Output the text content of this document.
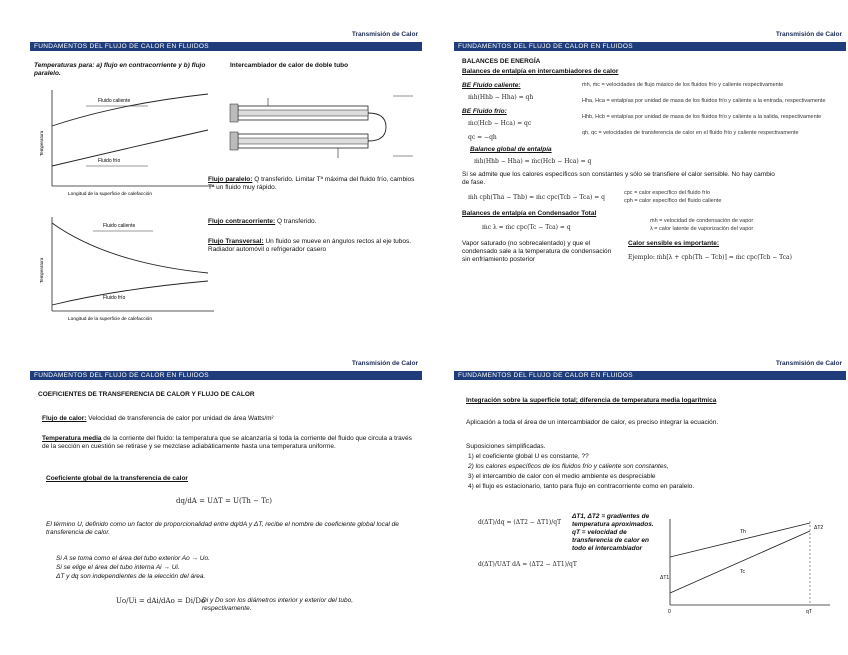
Transmisión de Calor
FUNDAMENTOS DEL FLUJO DE CALOR EN FLUIDOS
Temperaturas para: a) flujo en contracorriente y b) flujo paralelo.
Intercambiador de calor de doble tubo
Fluido caliente
Fluido frío
Longitud de la superficie de calefacción
Temperatura
Fluido caliente
Fluido frío
Longitud de la superficie de calefacción
Temperatura
Flujo paralelo: Q transferido. Limitar Tª máxima del fluido frío, cambios Tª un fluido muy rápido.
Flujo contracorriente: Q transferido.
Flujo Transversal: Un fluido se mueve en ángulos rectos al eje tubos. Radiador automóvil o refrigerador casero
Transmisión de Calor
FUNDAMENTOS DEL FLUJO DE CALOR EN FLUIDOS
BALANCES DE ENERGÍA
Balances de entalpía en intercambiadores de calor
BE Fluido caliente:
ṁh(Hhb − Hha) = qh
BE Fluido frío:
ṁc(Hcb − Hca) = qc
qc = −qh
ṁh, ṁc = velocidades de flujo másico de los fluidos frío y caliente respectivamente
Hha, Hca = entalpías por unidad de masa de los fluidos frío y caliente a la entrada, respectivamente
Hhb, Hcb = entalpías por unidad de masa de los fluidos frío y caliente a la salida, respectivamente
qh, qc = velocidades de transferencia de calor en el fluido frío y caliente respectivamente
Balance global de entalpía
ṁh(Hhb − Hha) = ṁc(Hcb − Hca) = q
Si se admite que los calores específicos son constantes y sólo se transfiere el calor sensible. No hay cambio de fase.
ṁh cph(Tha − Thb) = ṁc cpc(Tcb − Tca) = q
cpc = calor específico del fluido frío
cph = calor específico del fluido caliente
Balances de entalpía en Condensador Total
ṁc λ = ṁc cpc(Tc − Tca) = q
ṁh = velocidad de condensación de vapor
λ = calor latente de vaporización del vapor
Vapor saturado (no sobrecalentado) y que el condensado sale a la temperatura de condensación sin enfriamiento posterior
Calor sensible es importante:
Ejemplo: ṁh[λ + cph(Th − Tcb)] = ṁc cpc(Tcb − Tca)
Transmisión de Calor
FUNDAMENTOS DEL FLUJO DE CALOR EN FLUIDOS
COEFICIENTES DE TRANSFERENCIA DE CALOR Y FLUJO DE CALOR
Flujo de calor: Velocidad de transferencia de calor por unidad de área Watts/m²
Temperatura media de la corriente del fluido: la temperatura que se alcanzaría si toda la corriente del fluido que circula a través de la sección en cuestión se retirase y se mezclase adiabáticamente hasta una temperatura uniforme.
Coeficiente global de la transferencia de calor
dq/dA = UΔT = U(Th − Tc)
El término U, definido como un factor de proporcionalidad entre dq/dA y ΔT, recibe el nombre de coeficiente global local de transferencia de calor.
Si A se toma como el área del tubo exterior Ao → Uo.
Si se elige el área del tubo interna Ai → Ui.
ΔT y dq son independientes de la elección del área.
Uo/Ui = dAi/dAo = Di/Do
Di y Do son los diámetros interior y exterior del tubo, respectivamente.
Transmisión de Calor
FUNDAMENTOS DEL FLUJO DE CALOR EN FLUIDOS
Integración sobre la superficie total; diferencia de temperatura media logarítmica
Aplicación a toda el área de un intercambiador de calor, es preciso integrar la ecuación.
Suposiciones simplificadas.
1) el coeficiente global U es constante, ??
2) los calores específicos de los fluidos frío y caliente son constantes,
3) el intercambio de calor con el medio ambiente es despreciable
4) el flujo es estacionario, tanto para flujo en contracorriente como en paralelo.
d(ΔT)/dq = (ΔT2 − ΔT1)/qT
d(ΔT)/UΔT dA = (ΔT2 − ΔT1)/qT
ΔT1, ΔT2 = gradientes de temperatura aproximados. qT = velocidad de transferencia de calor en todo el intercambiador
Th
Tc
ΔT1
ΔT2
0	qT
